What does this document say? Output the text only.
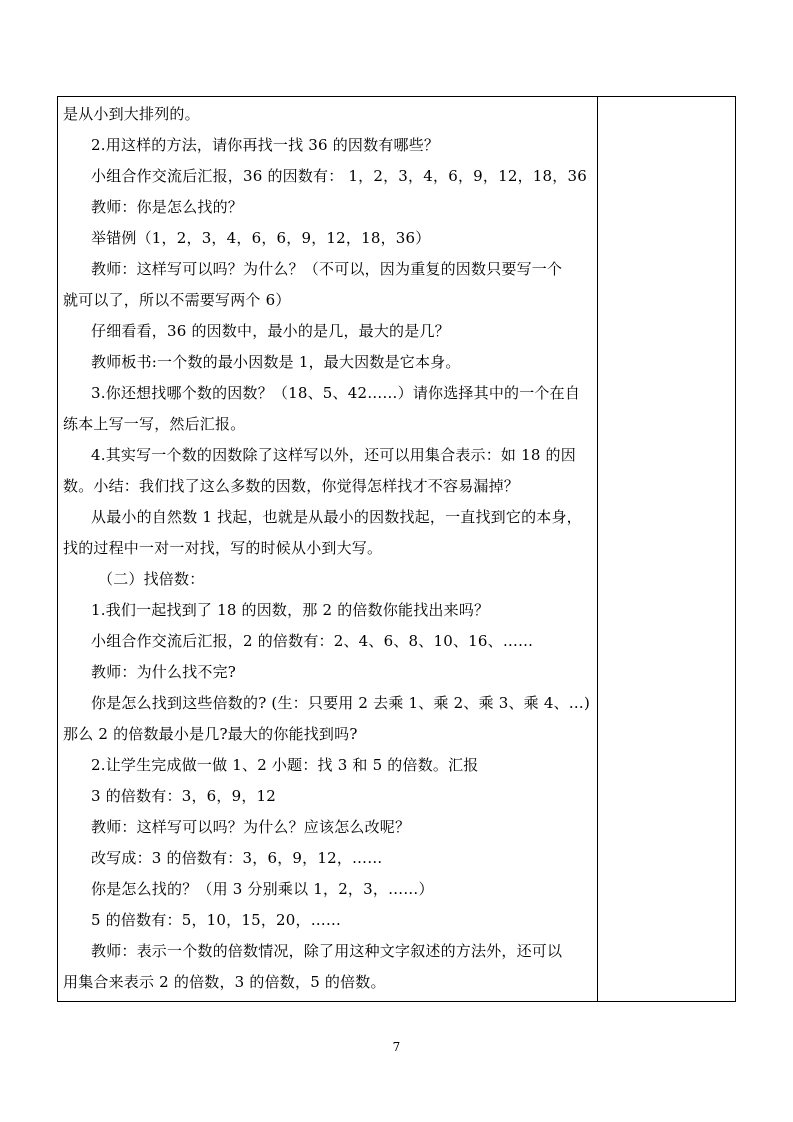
是从小到大排列的。
2.用这样的方法，请你再找一找 36 的因数有哪些？
小组合作交流后汇报，36 的因数有： 1，2，3，4，6，9，12，18，36
教师：你是怎么找的？
举错例（1，2，3，4，6，6，9，12，18，36）
教师：这样写可以吗？为什么？（不可以，因为重复的因数只要写一个
就可以了，所以不需要写两个 6）
仔细看看，36 的因数中，最小的是几，最大的是几？
教师板书:一个数的最小因数是 1，最大因数是它本身。
3.你还想找哪个数的因数？（18、5、42……）请你选择其中的一个在自
练本上写一写，然后汇报。
4.其实写一个数的因数除了这样写以外，还可以用集合表示：如 18 的因
数。小结：我们找了这么多数的因数，你觉得怎样找才不容易漏掉？
从最小的自然数 1 找起，也就是从最小的因数找起，一直找到它的本身，
找的过程中一对一对找，写的时候从小到大写。
（二）找倍数：
1.我们一起找到了 18 的因数，那 2 的倍数你能找出来吗？
小组合作交流后汇报，2 的倍数有：2、4、6、8、10、16、……
教师：为什么找不完?
你是怎么找到这些倍数的? (生：只要用 2 去乘 1、乘 2、乘 3、乘 4、…)
那么 2 的倍数最小是几?最大的你能找到吗?
2.让学生完成做一做 1、2 小题：找 3 和 5 的倍数。汇报
3 的倍数有：3，6，9，12
教师：这样写可以吗？为什么？应该怎么改呢？
改写成：3 的倍数有：3，6，9，12，……
你是怎么找的？（用 3 分别乘以 1，2，3，……）
5 的倍数有：5，10，15，20，……
教师：表示一个数的倍数情况，除了用这种文字叙述的方法外，还可以
用集合来表示 2 的倍数，3 的倍数，5 的倍数。
7
